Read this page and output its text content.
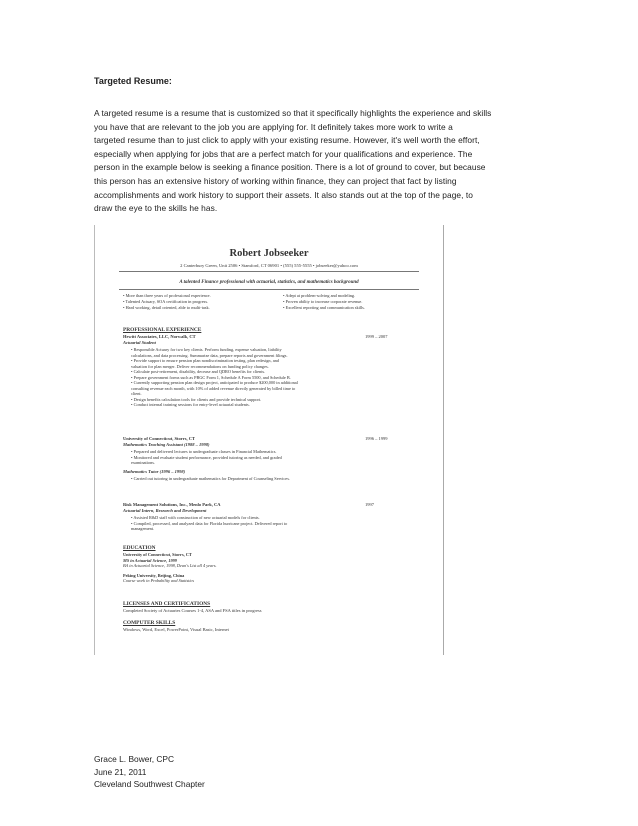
Targeted Resume:
A targeted resume is a resume that is customized so that it specifically highlights the experience and skills
you have that are relevant to the job you are applying for. It definitely takes more work to write a
targeted resume than to just click to apply with your existing resume. However, it's well worth the effort,
especially when applying for jobs that are a perfect match for your qualifications and experience. The
person in the example below is seeking a finance position. There is a lot of ground to cover, but because
this person has an extensive history of working within finance, they can project that fact by listing
accomplishments and work history to support their assets. It also stands out at the top of the page, to
draw the eye to the skills he has.
Robert Jobseeker
2 Canterbury Green, Unit 2506 • Stamford, CT 06901 • (555) 555-5555 • jobseeker@yahoo.com
A talented Finance professional with actuarial, statistics, and mathematics background
• More than three years of professional experience.
• Talented Actuary, SOA certification in progress.
• Hard working, detail oriented, able to multi-task.
• Adept at problem-solving and modeling.
• Proven ability to increase corporate revenue.
• Excellent reporting and communication skills.
PROFESSIONAL EXPERIENCE
Hewitt Associates, LLC, Norwalk, CT	1999 – 2007
Actuarial Student
• Responsible Actuary for two key clients. Perform funding, expense valuation, liability
calculations, and data processing. Summarize data, prepare reports and government filings.
• Provide support to ensure pension plan nondiscrimination testing, plan redesign, and
valuation for plan merger. Deliver recommendations on funding policy changes.
• Calculate post-retirement, disability, decease and QDRO benefits for clients.
• Prepare government forms such as PBGC Form 1, Schedule A Form 5500, and Schedule B.
• Currently supporting pension plan design project, anticipated to produce $200,000 in additional
consulting revenue each month, with 10% of added revenue directly generated by billed time to
client.
• Design benefits calculation tools for clients and provide technical support.
• Conduct internal training sessions for entry-level actuarial students.
University of Connecticut, Storrs, CT	1996 – 1999
Mathematics Teaching Assistant (1988 – 1998)
• Prepared and delivered lectures to undergraduate classes in Financial Mathematics.
• Monitored and evaluate student performance, provided tutoring as needed, and graded
examinations.
Mathematics Tutor (1996 – 1998)
• Carried out tutoring in undergraduate mathematics for Department of Counseling Services.
Risk Management Solutions, Inc., Menlo Park, CA	1997
Actuarial Intern, Research and Development
• Assisted R&D staff with construction of new actuarial models for clients.
• Compiled, processed, and analyzed data for Florida hurricane project. Delivered report to
management.
EDUCATION
University of Connecticut, Storrs, CT
MS in Actuarial Science, 1999
BA in Actuarial Science, 1998, Dean's List all 4 years.
Peking University, Beijing, China
Course work in Probability and Statistics
LICENSES AND CERTIFICATIONS
Completed Society of Actuaries Courses 1-4, ASA and FSA titles in progress
COMPUTER SKILLS
Windows, Word, Excel, PowerPoint, Visual Basic, Internet
Grace L. Bower, CPC
June 21, 2011
Cleveland Southwest Chapter
